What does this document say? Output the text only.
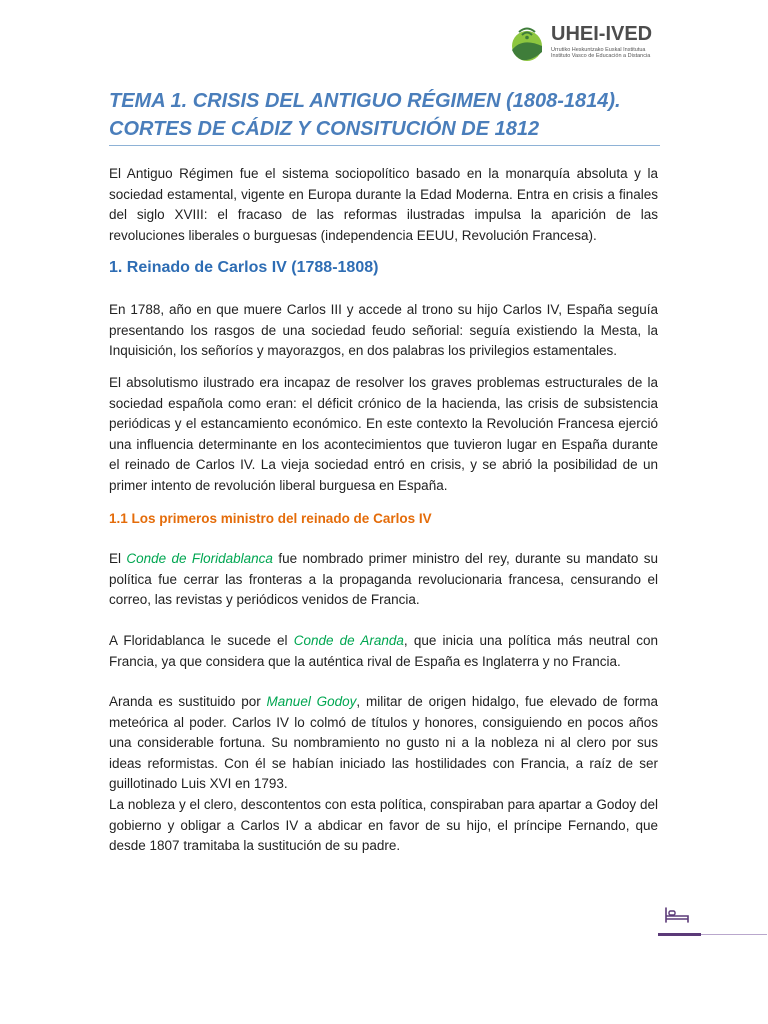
UHEI-IVED
Urrutiko Heskuntzako Euskal Institutua
Instituto Vasco de Educación a Distancia
TEMA 1. CRISIS DEL ANTIGUO RÉGIMEN (1808-1814). CORTES DE CÁDIZ Y CONSITUCIÓN DE 1812

El Antiguo Régimen fue el sistema sociopolítico basado en la monarquía absoluta y la sociedad estamental, vigente en Europa durante la Edad Moderna. Entra en crisis a finales del siglo XVIII: el fracaso de las reformas ilustradas impulsa la aparición de las revoluciones liberales o burguesas (independencia EEUU, Revolución Francesa).

1. Reinado de Carlos IV (1788-1808)

En 1788, año en que muere Carlos III y accede al trono su hijo Carlos IV, España seguía presentando los rasgos de una sociedad feudo señorial: seguía existiendo la Mesta, la Inquisición, los señoríos y mayorazgos, en dos palabras los privilegios estamentales.

El absolutismo ilustrado era incapaz de resolver los graves problemas estructurales de la sociedad española como eran: el déficit crónico de la hacienda, las crisis de subsistencia periódicas y el estancamiento económico. En este contexto la Revolución Francesa ejerció una influencia determinante en los acontecimientos que tuvieron lugar en España durante el reinado de Carlos IV. La vieja sociedad entró en crisis, y se abrió la posibilidad de un primer intento de revolución liberal burguesa en España.

1.1 Los primeros ministro del reinado de Carlos IV

El Conde de Floridablanca fue nombrado primer ministro del rey, durante su mandato su política fue cerrar las fronteras a la propaganda revolucionaria francesa, censurando el correo, las revistas y periódicos venidos de Francia.

A Floridablanca le sucede el Conde de Aranda, que inicia una política más neutral con Francia, ya que considera que la auténtica rival de España es Inglaterra y no Francia.

Aranda es sustituido por Manuel Godoy, militar de origen hidalgo, fue elevado de forma meteórica al poder. Carlos IV lo colmó de títulos y honores, consiguiendo en pocos años una considerable fortuna. Su nombramiento no gusto ni a la nobleza ni al clero por sus ideas reformistas. Con él se habían iniciado las hostilidades con Francia, a raíz de ser guillotinado Luis XVI en 1793.

La nobleza y el clero, descontentos con esta política, conspiraban para apartar a Godoy del gobierno y obligar a Carlos IV a abdicar en favor de su hijo, el príncipe Fernando, que desde 1807 tramitaba la sustitución de su padre.
